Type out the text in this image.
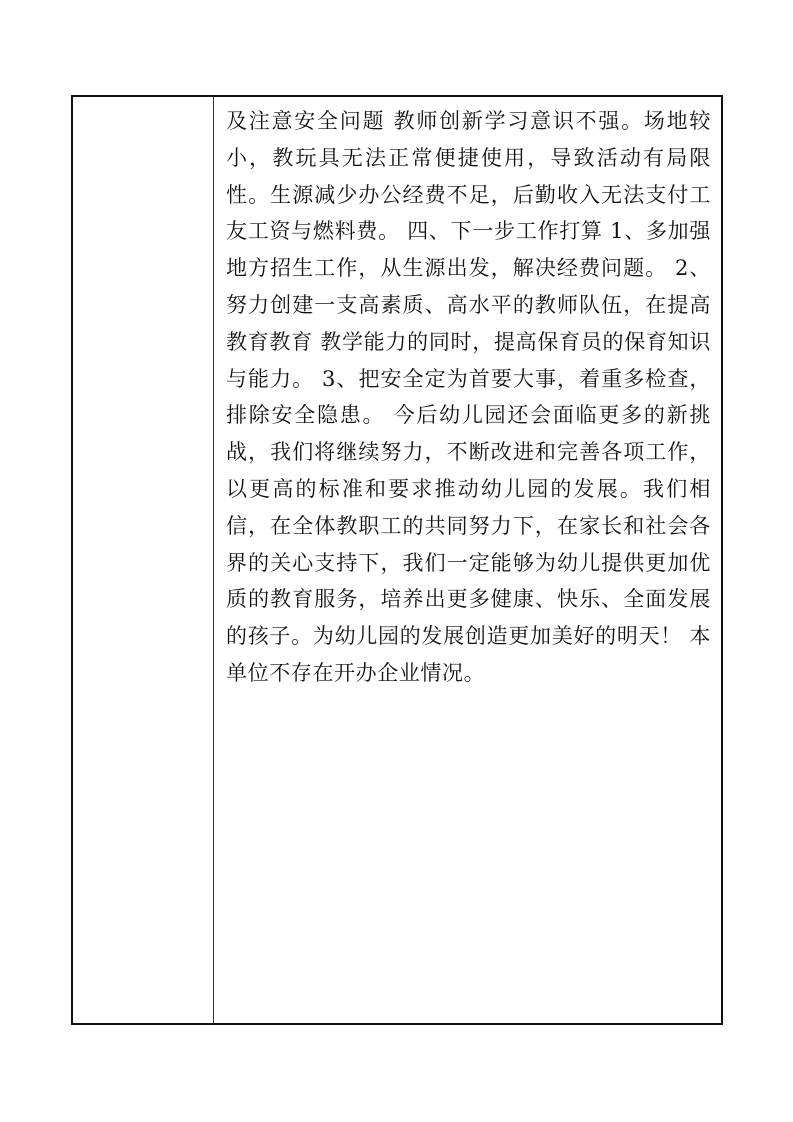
及注意安全问题 教师创新学习意识不强。场地较小，教玩具无法正常便捷使用，导致活动有局限性。生源减少办公经费不足，后勤收入无法支付工友工资与燃料费。 四、下一步工作打算 1、多加强地方招生工作，从生源出发，解决经费问题。 2、努力创建一支高素质、高水平的教师队伍，在提高教育教育 教学能力的同时，提高保育员的保育知识与能力。 3、把安全定为首要大事，着重多检查，排除安全隐患。 今后幼儿园还会面临更多的新挑战，我们将继续努力，不断改进和完善各项工作，以更高的标准和要求推动幼儿园的发展。我们相信，在全体教职工的共同努力下，在家长和社会各界的关心支持下，我们一定能够为幼儿提供更加优质的教育服务，培养出更多健康、快乐、全面发展的孩子。为幼儿园的发展创造更加美好的明天！ 本单位不存在开办企业情况。
